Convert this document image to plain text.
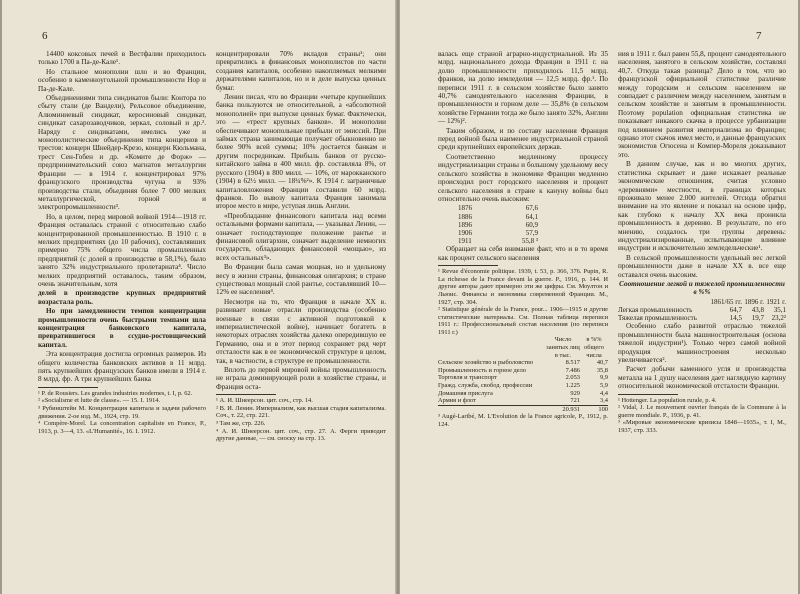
6

14400 коксовых печей в Вестфалии приходилось только 1700 в Па-де-Кале¹.

Но стальное монополии шло и во Франции, особенно в каменноугольной промышленности Нор и Па-де-Кале.

Объединениями типа синдикатов были: Контора по сбыту стали (де Вандели), Рельсовое объединение, Алюминиевый синдикат, керосиновый синдикат, синдикат сахарозаводчиков, зеркал, соловый и др.². Наряду с синдикатами, имелись уже и монополистические объединения типа концернов и трестов: концерн Шнейдер-Крезо, концерн Кюльмана, трест Сен-Гобен и др. «Комите де Форж» — предпринимательский союз магнатов металлургии Франции — в 1914 г. концентрировал 97% французского производства чугуна и 93% производства стали, объединяя более 7 000 мелких металлургической, горной и электропромышленности³.

Но, в целом, перед мировой войной 1914—1918 гг. Франция оставалась страной с относительно слабо концентрированной промышленностью. В 1910 г. в мелких предприятиях (до 10 рабочих), составлявших примерно 75% общего числа промышленных предприятий (с долей в производстве в 58,1%), было занято 32% индустриального пролетариата⁴. Число мелких предприятий оставалось, таким образом, очень значительным, хотя

делей в производстве крупных предприятий возрастала роль.

Но при замедленности темпов концентрации промышленности очень быстрыми темпами шла концентрация банковского капитала, превратившегося в ссудно-ростовщический капитал.

Эта концентрация достигла огромных размеров. Из общего количества банковских активов в 11 млрд. пять крупнейших французских банков имели в 1914 г. 8 млрд. фр. А три крупнейших банка

¹ P. de Rousiers. Les grandes industries modernes, t. I, p. 62.

² «Socialisme et lutte de classe». — 15. I. 1914.

³ Рубинштейн М. Концентрация капитала и задачи рабочего движения. 2-ое изд. М., 1924, стр. 19.

⁴ Compère-Morel. La concentration capitaliste en France, P., 1913, p. 3—4, 13. «L'Humanité», 16. I. 1912.

концентрировали 70% вкладов страны¹; они превратились в финансовых монополистов по части создания капиталов, особенно накопляемых мелкими держателями капиталов, но и в деле выпуска ценных бумаг.

Ленин писал, что во Франции «четыре крупнейших банка пользуются не относительной, а «абсолютной монополией» при выпуске ценных бумаг. Фактически, это — «трест крупных банков». И монополии обеспечивают монопольные прибыли от эмиссий. При займах страна занимающая получает обыкновенно не более 90% всей суммы; 10% достается банкам и другим посредникам. Прибыль банков от русско-китайского займа в 400 милл. фр. составляла 8%, от русского (1904) в 800 милл. — 10%, от марокканского (1904) в 62½ милл. — 18¾%²». К 1914 г. заграничные капиталовложения Франции составили 60 млрд. франков. По вывозу капитала Франция занимала второе место в мире, уступая лишь Англии.

«Преобладание финансового капитала над всеми остальными формами капитала, — указывал Ленин, — означает господствующее положение рантье и финансовой олигархии, означает выделение немногих государств, обладающих финансовой «мощью», из всех остальных³».

Во Франции была самая мощная, но и удельному весу в жизни страны, финансовая олигархия; в стране существовал мощный слой рантье, составлявший 10—12% ее населения⁴.

Несмотря на то, что Франция в начале XX в. развивает новые отрасли производства (особенно военные в связи с активной подготовкой к империалистической войне), начинает богатеть в некоторых отраслях хозяйства далеко опередившую ее Германию, она и в этот период сохраняет ряд черт отсталости как в ее экономической структуре в целом, так, в частности, в структуре ее промышленности.

Вплоть до первой мировой войны промышленность не играла доминирующей роли в хозяйстве страны, и Франция оста-

¹ А. И. Шнеерсон. цит. соч., стр. 14.

² В. И. Ленин. Империализм, как высшая стадия капитализма. Соч., т. 22, стр. 221.

³ Там же, стр. 226.

⁴ А. И. Шнеерсон. цит. соч., стр. 27. А. Ферги приводит другие данные, — см. сноску на стр. 13.

7

валась еще страной аграрно-индустриальной. Из 35 млрд. национального дохода Франции в 1911 г. на долю промышленности приходилось 11,5 млрд. франков, на долю земледелия — 12,5 млрд. фр.¹. По переписи 1911 г. в сельском хозяйстве было занято 40,7% самодеятельного населения Франции, в промышленности и горном деле — 35,8% (в сельском хозяйстве Германии тогда же было занято 32%, Англии — 12%)².

Таким образом, и по составу населения Франция перед войной была наименее индустриальной страной среди крупнейших европейских держав.

Соответственно медленному процессу индустриализации страны и большому удельному весу сельского хозяйства в экономике Франции медленно происходил рост городского населения и процент сельского населения в стране к кануну войны был относительно очень высоким:

1876	67,6
1886	64,1
1896	60,9
1906	57,9
1911	55,8 ³

Обращает на себя внимание факт, что и в то время как процент сельского населения

¹ Revue d'économie politique. 1939, t. 53, p. 366, 376. Pupin, R. La richesse de la France devant la guerre. P., 1916, p. 144. И другие авторы дают примерно эти же цифры. См. Моултон и Льюис. Финансы и экономика современной Франции. М., 1927, стр. 304.

² Statistique générale de la France, pour... 1906—1915 и другие статистические материалы. См. Полная таблица переписи 1911 г.: Профессиональный состав населения (по переписи 1911 г.)

	Число занятых лиц в тыс.	в %% общего числа
Сельское хозяйство и рыболовство	8.517	40,7
Промышленность и горное дело	7.486	35,8
Торговля и транспорт	2.053	9,9
Гражд. служба, свобод. профессии	1.225	5,9
Домашняя прислуга	929	4,4
Армия и флот	721	3,4
	20.931	100

³ Augé-Laribé, M. L'Evolution de la France agricole, P., 1912, p. 124.

ния в 1911 г. был равен 55,8, процент самодеятельного населения, занятого в сельском хозяйстве, составлял 40,7. Откуда такая разница? Дело в том, что во французской официальной статистике различие между городским и сельским населением не совпадает с различием между населением, занятым в сельском хозяйстве и занятым в промышленности. Поэтому population официальная статистика не показывает никакого скачка в процессе урбанизации под влиянием развития империализма во Франции; однако этот скачок имел место, и данные французских экономистов Огюсена и Компер-Мореля доказывают это.

В данном случае, как и во многих других, статистика скрывает и даже искажает реальные экономические отношения, считая условно «деревнями» местности, в границах которых проживало менее 2.000 жителей. Отсюда обратил внимание на это явление и показал на основе цифр, как глубоко к началу XX века проникла промышленность в деревню. В результате, по его мнению, создалось три группы деревень: индустриализированные, испытывающие влияние индустрии и исключительно земледельческие¹.

В сельской промышленности удельный вес легкой промышленности даже в начале XX в. все еще оставался очень высоким.

Соотношение легкой и тяжелой промышленности в %%

	1861/65 гг.	1896 г.	1921 г.
Легкая промышленность	64,7	43,8	35,1
Тяжелая промышленность	14,5	19,7	23,2²

Особенно слабо развитой отраслью тяжелой промышленности была машиностроительная (основа тяжелой индустрии¹). Только через самой войной продукция машиностроения несколько увеличивается².

Расчет добычи каменного угля и производства металла на 1 душу населения дает наглядную картину относительной экономической отсталости Франции.

¹ Hottenger. La population rurale, p. 4.

² Vidal, J. Le mouvement ouvrier français de la Commune à la guerre mondiale. P., 1936, p. 41.

³ «Мировые экономические кризисы 1848—1935», т. I, М., 1937, стр. 333.
